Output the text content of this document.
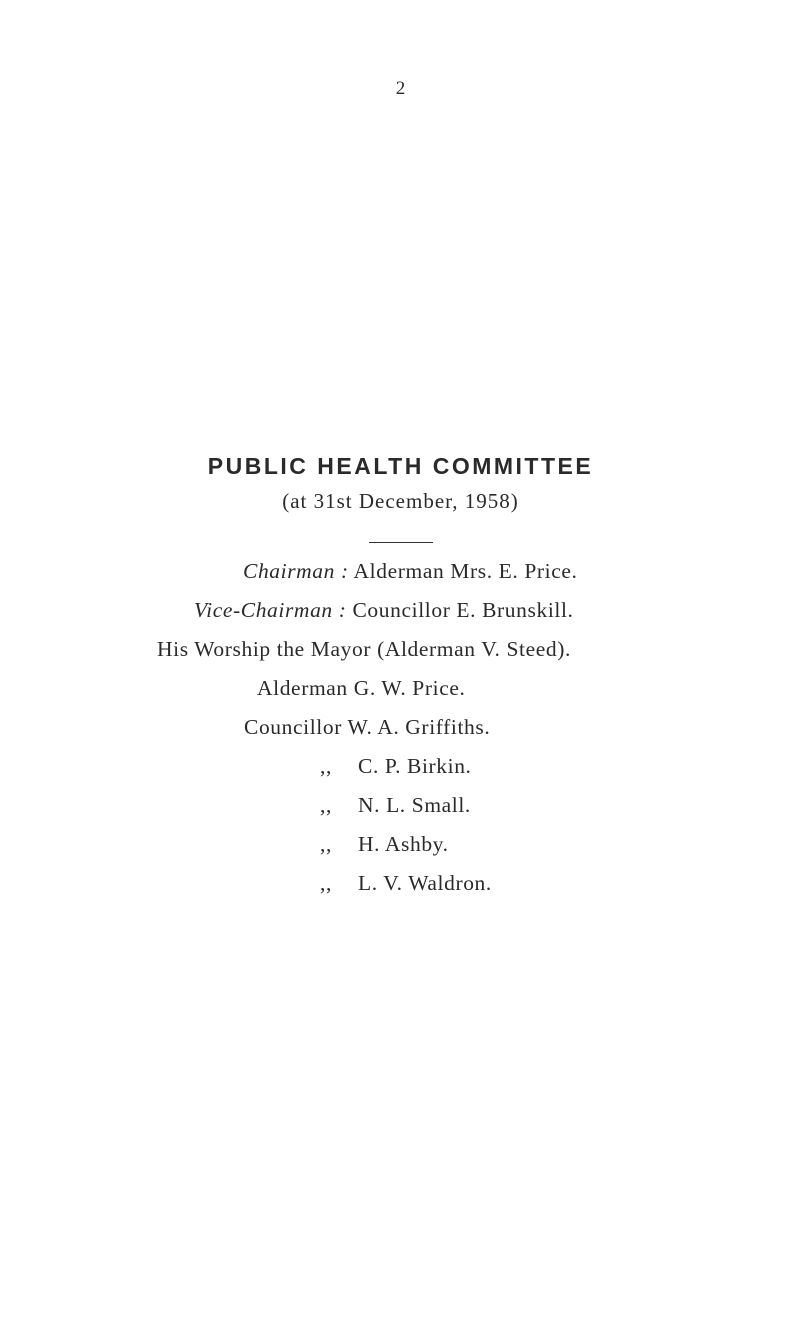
2
PUBLIC HEALTH COMMITTEE
(at 31st December, 1958)
Chairman : Alderman Mrs. E. Price.
Vice-Chairman : Councillor E. Brunskill.
His Worship the Mayor (Alderman V. Steed).
Alderman G. W. Price.
Councillor W. A. Griffiths.
,, C. P. Birkin.
,, N. L. Small.
,, H. Ashby.
,, L. V. Waldron.
